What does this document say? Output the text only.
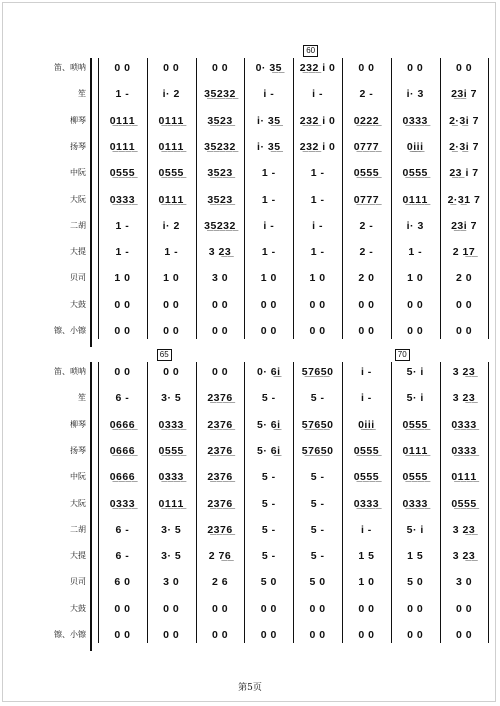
笛、唢呐	0 0	0 0	0 0	0· 3̲5̲	2̲3̲2̲ i 0	0 0	0 0	0 0
笙	1 -	i· 2	3̲5̲2̲3̲2̲	i -	i -	2 -	i· 3	2̲3̲i 7
柳琴	0̲1̲1̲1̲	0̲1̲1̲1̲	3̲5̲2̲3̲	i· 3̲5̲	2̲3̲2̲ i 0	0̲2̲2̲2̲	0̲3̲3̲3̲	2̲·3̲i 7
扬琴	0̲1̲1̲1̲	0̲1̲1̲1̲	3̲5̲2̲3̲2̲	i· 3̲5̲	2̲3̲2̲ i 0	0̲7̲7̲7̲	0̲i̲i̲i̲	2̲·3̲i 7
中阮	0̲5̲5̲5̲	0̲5̲5̲5̲	3̲5̲2̲3̲	1 -	1 -	0̲5̲5̲5̲	0̲5̲5̲5̲	2̲3̲ i 7
大阮	0̲3̲3̲3̲	0̲1̲1̲1̲	3̲5̲2̲3̲	1 -	1 -	0̲7̲7̲7̲	0̲1̲1̲1̲	2̲·3̲1 7
二胡	1 -	i· 2	3̲5̲2̲3̲2̲	i -	i -	2 -	i· 3	2̲3̲i 7
大提	1 -	1 -	3 2̲3̲	1 -	1 -	2 -	1 -	2 1̲7̲
贝司	1 0	1 0	3 0	1 0	1 0	2 0	1 0	2 0
大鼓	0 0	0 0	0 0	0 0	0 0	0 0	0 0	0 0
镲、小镲	0 0	0 0	0 0	0 0	0 0	0 0	0 0	0 0
60
笛、唢呐	0 0	0 0	0 0	0· 6̲i̲	5̲7̲6̲5̲0	i -	5· i	3 2̲3̲
笙	6 -	3· 5	2̲3̲7̲6̲	5 -	5 -	i -	5· i	3 2̲3̲
柳琴	0̲6̲6̲6̲	0̲3̲3̲3̲	2̲3̲7̲6̲	5· 6̲i̲	5̲7̲6̲5̲0	0̲i̲i̲i̲	0̲5̲5̲5̲	0̲3̲3̲3̲
扬琴	0̲6̲6̲6̲	0̲5̲5̲5̲	2̲3̲7̲6̲	5· 6̲i̲	5̲7̲6̲5̲0	0̲5̲5̲5̲	0̲1̲1̲1̲	0̲3̲3̲3̲
中阮	0̲6̲6̲6̲	0̲3̲3̲3̲	2̲3̲7̲6̲	5 -	5 -	0̲5̲5̲5̲	0̲5̲5̲5̲	0̲1̲1̲1̲
大阮	0̲3̲3̲3̲	0̲1̲1̲1̲	2̲3̲7̲6̲	5 -	5 -	0̲3̲3̲3̲	0̲3̲3̲3̲	0̲5̲5̲5̲
二胡	6 -	3· 5	2̲3̲7̲6̲	5 -	5 -	i -	5· i	3 2̲3̲
大提	6 -	3· 5	2 7̲6̲	5 -	5 -	1 5	1 5	3 2̲3̲
贝司	6 0	3 0	2 6	5 0	5 0	1 0	5 0	3 0
大鼓	0 0	0 0	0 0	0 0	0 0	0 0	0 0	0 0
镲、小镲	0 0	0 0	0 0	0 0	0 0	0 0	0 0	0 0
65	70
第5页
